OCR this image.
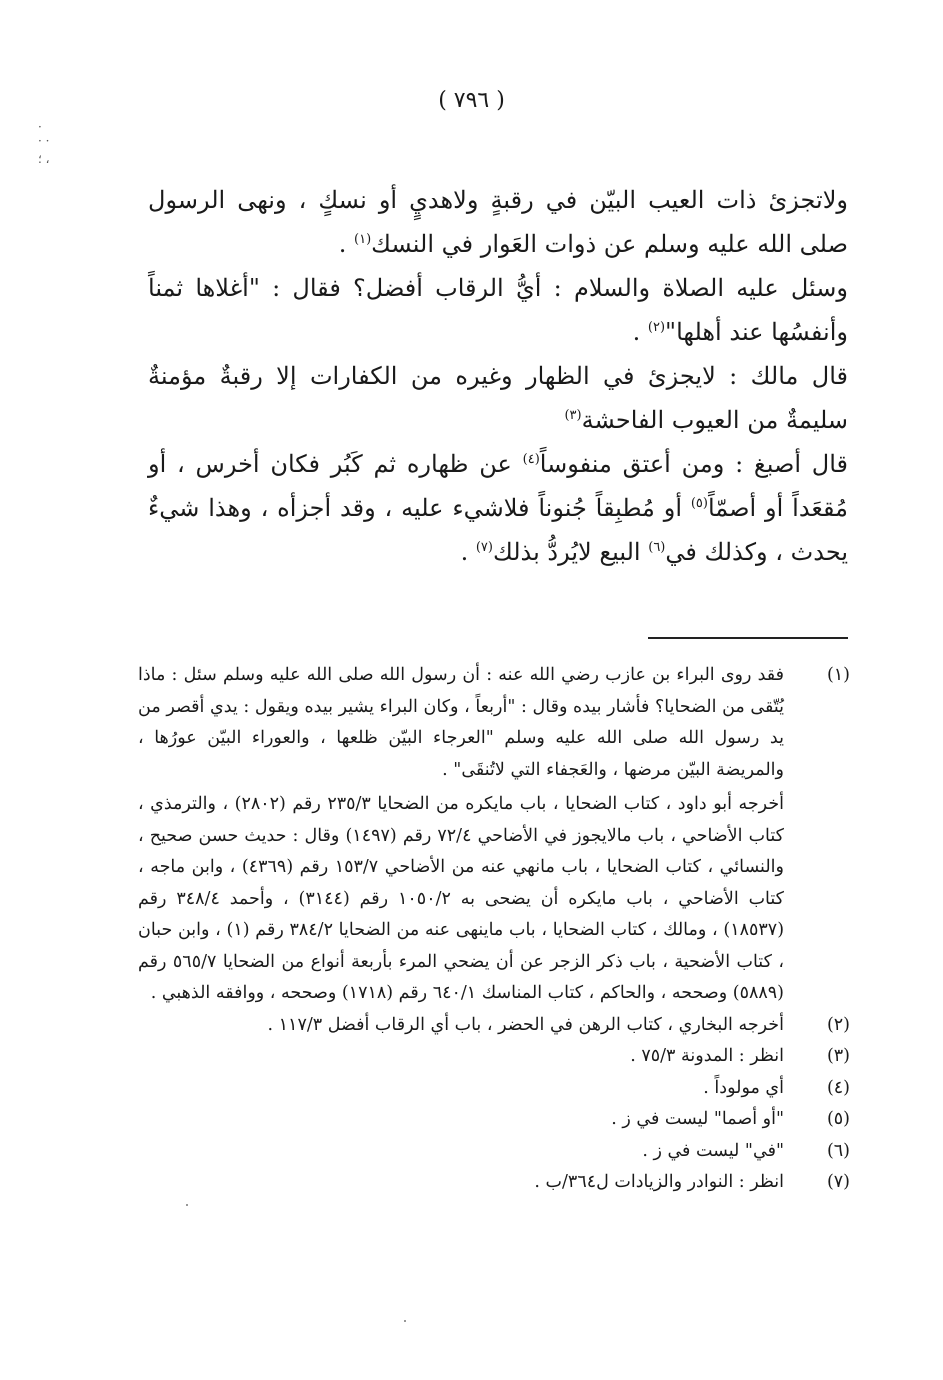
( ٧٩٦ )
·
· ·
، ؛

ولاتجزئ ذات العيب البيّن في رقبةٍ ولاهديٍ أو نسكٍ ، ونهى الرسول صلى الله عليه وسلم عن ذوات العَوار في النسك$^{(١)}$ .

وسئل عليه الصلاة والسلام : أيُّ الرقاب أفضل؟ فقال : "أغلاها ثمناً وأنفسُها عند أهلها"$^{(٢)}$ .

قال مالك : لايجزئ في الظهار وغيره من الكفارات إلا رقبةٌ مؤمنةٌ سليمةٌ من العيوب الفاحشة$^{(٣)}$

قال أصبغ : ومن أعتق منفوساً$^{(٤)}$ عن ظهاره ثم كَبُر فكان أخرس ، أو مُقعَداً أو أصمّاً$^{(٥)}$ أو مُطبِقاً جُنوناً فلاشيء عليه ، وقد أجزأه ، وهذا شيءٌ يحدث ، وكذلك في$^{(٦)}$ البيع لايُردُّ بذلك$^{(٧)}$ .

(١)

فقد روى البراء بن عازب رضي الله عنه : أن رسول الله صلى الله عليه وسلم سئل : ماذا يُتّقى من الضحايا؟ فأشار بيده وقال : "أربعاً ، وكان البراء يشير بيده ويقول : يدي أقصر من يد رسول الله صلى الله عليه وسلم "العرجاء البيّن ظلعها ، والعوراء البيّن عورُها ، والمريضة البيّن مرضها ، والعَجفاء التي لاتُنقَى" .

أخرجه أبو داود ، كتاب الضحايا ، باب مايكره من الضحايا ٢٣٥/٣ رقم (٢٨٠٢) ، والترمذي ، كتاب الأضاحي ، باب مالايجوز في الأضاحي ٧٢/٤ رقم (١٤٩٧) وقال : حديث حسن صحيح ، والنسائي ، كتاب الضحايا ، باب مانهي عنه من الأضاحي ١٥٣/٧ رقم (٤٣٦٩) ، وابن ماجه ، كتاب الأضاحي ، باب مايكره أن يضحى به ١٠٥٠/٢ رقم (٣١٤٤) ، وأحمد ٣٤٨/٤ رقم (١٨٥٣٧) ، ومالك ، كتاب الضحايا ، باب ماينهى عنه من الضحايا ٣٨٤/٢ رقم (١) ، وابن حبان ، كتاب الأضحية ، باب ذكر الزجر عن أن يضحي المرء بأربعة أنواع من الضحايا ٥٦٥/٧ رقم (٥٨٨٩) وصححه ، والحاكم ، كتاب المناسك ٦٤٠/١ رقم (١٧١٨) وصححه ، ووافقه الذهبي .

(٢)

أخرجه البخاري ، كتاب الرهن في الحضر ، باب أي الرقاب أفضل ١١٧/٣ .

(٣)

انظر : المدونة ٧٥/٣ .

(٤)

أي مولوداً .

(٥)

"أو أصما" ليست في ز .

(٦)

"في" ليست في ز .

(٧)

انظر : النوادر والزيادات ل٣٦٤/ب .
